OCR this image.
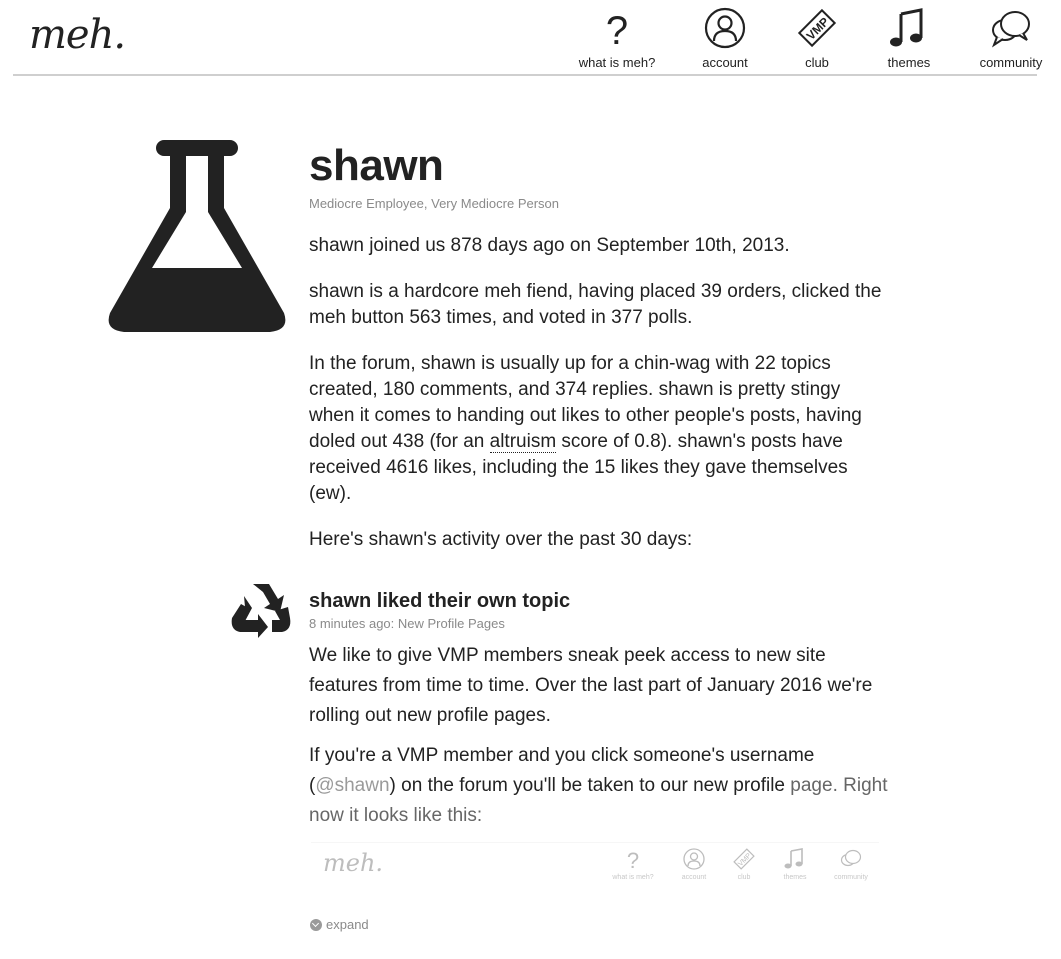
meh.	?
what is meh?	account
VMP
club	themes	community
shawn
Mediocre Employee, Very Mediocre Person

shawn joined us 878 days ago on September 10th, 2013.

shawn is a hardcore meh fiend, having placed 39 orders, clicked the meh button 563 times, and voted in 377 polls.

In the forum, shawn is usually up for a chin-wag with 22 topics created, 180 comments, and 374 replies. shawn is pretty stingy when it comes to handing out likes to other people's posts, having doled out 438 (for an altruism score of 0.8). shawn's posts have received 4616 likes, including the 15 likes they gave themselves (ew).

Here's shawn's activity over the past 30 days:

shawn liked their own topic
8 minutes ago: New Profile Pages

We like to give VMP members sneak peek access to new site features from time to time. Over the last part of January 2016 we're rolling out new profile pages.

If you're a VMP member and you click someone's username (@shawn) on the forum you'll be taken to our new profile page. Right now it looks like this:

meh.	?
what is meh?	account
VMP
club	themes	community
expand
